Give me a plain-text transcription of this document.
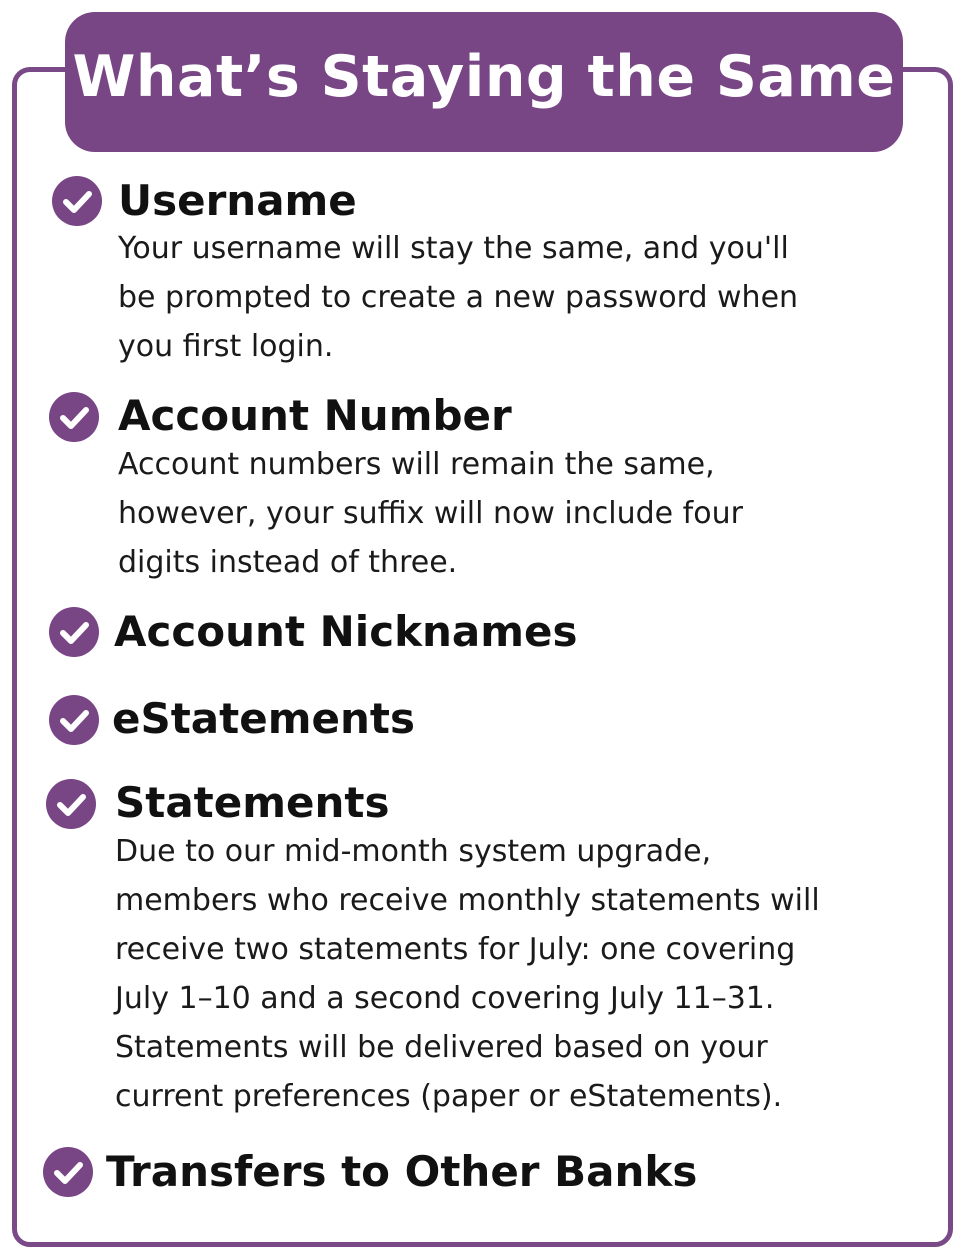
What’s Staying the Same
Username
Your username will stay the same, and you'll
be prompted to create a new password when
you first login.
Account Number
Account numbers will remain the same,
however, your suffix will now include four
digits instead of three.
Account Nicknames
eStatements
Statements
Due to our mid-month system upgrade,
members who receive monthly statements will
receive two statements for July: one covering
July 1–10 and a second covering July 11–31.
Statements will be delivered based on your
current preferences (paper or eStatements).
Transfers to Other Banks
